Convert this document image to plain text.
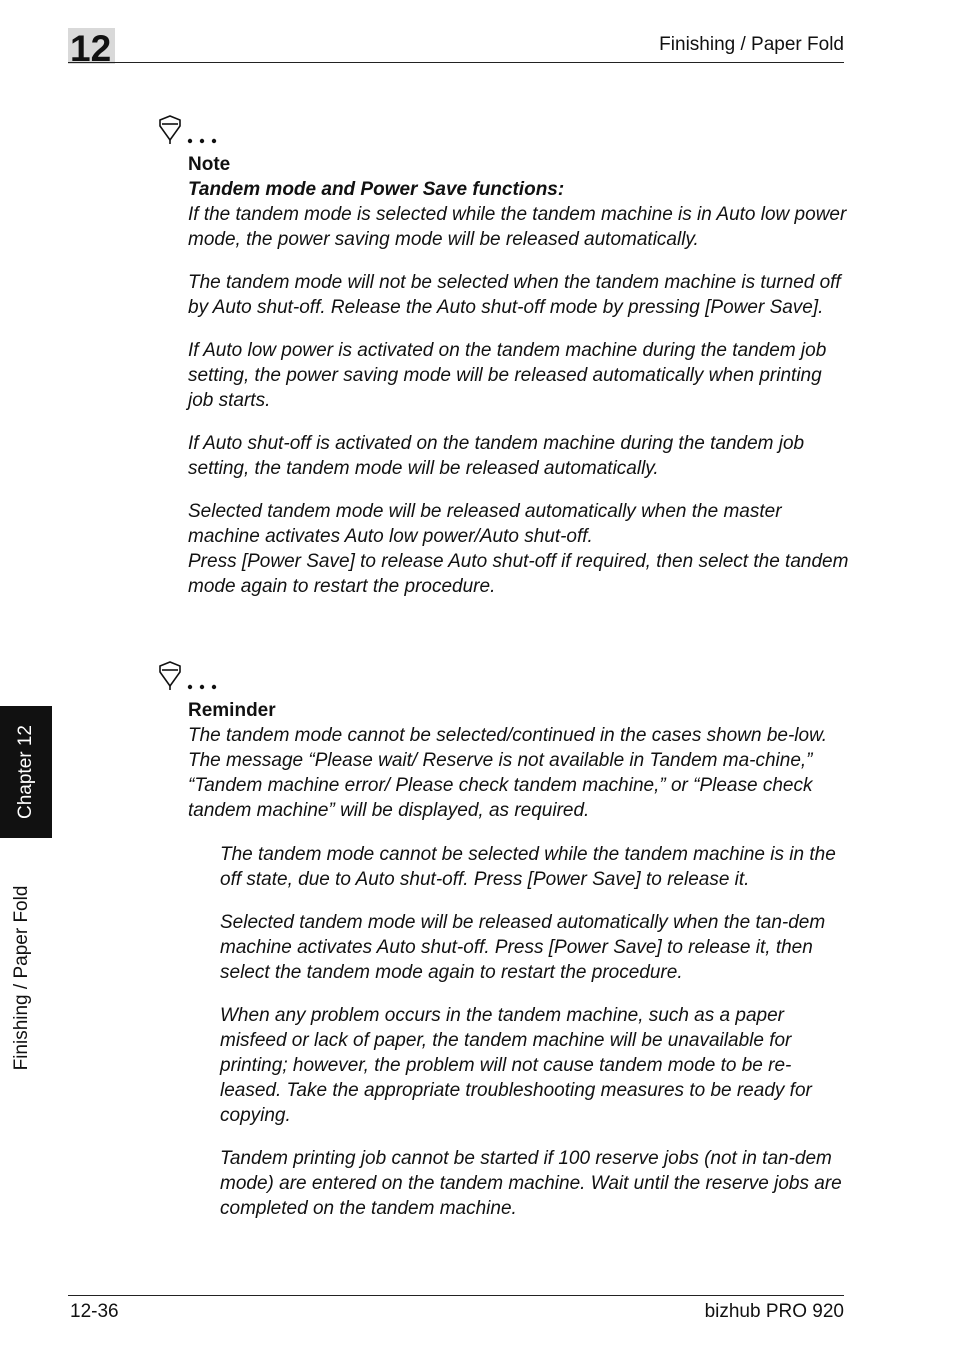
12	Finishing / Paper Fold
Chapter 12
Finishing / Paper Fold

Note

Tandem mode and Power Save functions:

If the tandem mode is selected while the tandem machine is in Auto low power mode, the power saving mode will be released automatically.

The tandem mode will not be selected when the tandem machine is turned off by Auto shut-off. Release the Auto shut-off mode by pressing [Power Save].

If Auto low power is activated on the tandem machine during the tandem job setting, the power saving mode will be released automatically when printing job starts.

If Auto shut-off is activated on the tandem machine during the tandem job setting, the tandem mode will be released automatically.

Selected tandem mode will be released automatically when the master machine activates Auto low power/Auto shut-off.

Press [Power Save] to release Auto shut-off if required, then select the tandem mode again to restart the procedure.

Reminder

The tandem mode cannot be selected/continued in the cases shown be-low. The message “Please wait/ Reserve is not available in Tandem ma-chine,” “Tandem machine error/ Please check tandem machine,” or “Please check tandem machine” will be displayed, as required.

The tandem mode cannot be selected while the tandem machine is in the off state, due to Auto shut-off. Press [Power Save] to release it.

Selected tandem mode will be released automatically when the tan-dem machine activates Auto shut-off. Press [Power Save] to release it, then select the tandem mode again to restart the procedure.

When any problem occurs in the tandem machine, such as a paper misfeed or lack of paper, the tandem machine will be unavailable for printing; however, the problem will not cause tandem mode to be re-leased. Take the appropriate troubleshooting measures to be ready for copying.

Tandem printing job cannot be started if 100 reserve jobs (not in tan-dem mode) are entered on the tandem machine. Wait until the reserve jobs are completed on the tandem machine.

12-36	bizhub PRO 920
